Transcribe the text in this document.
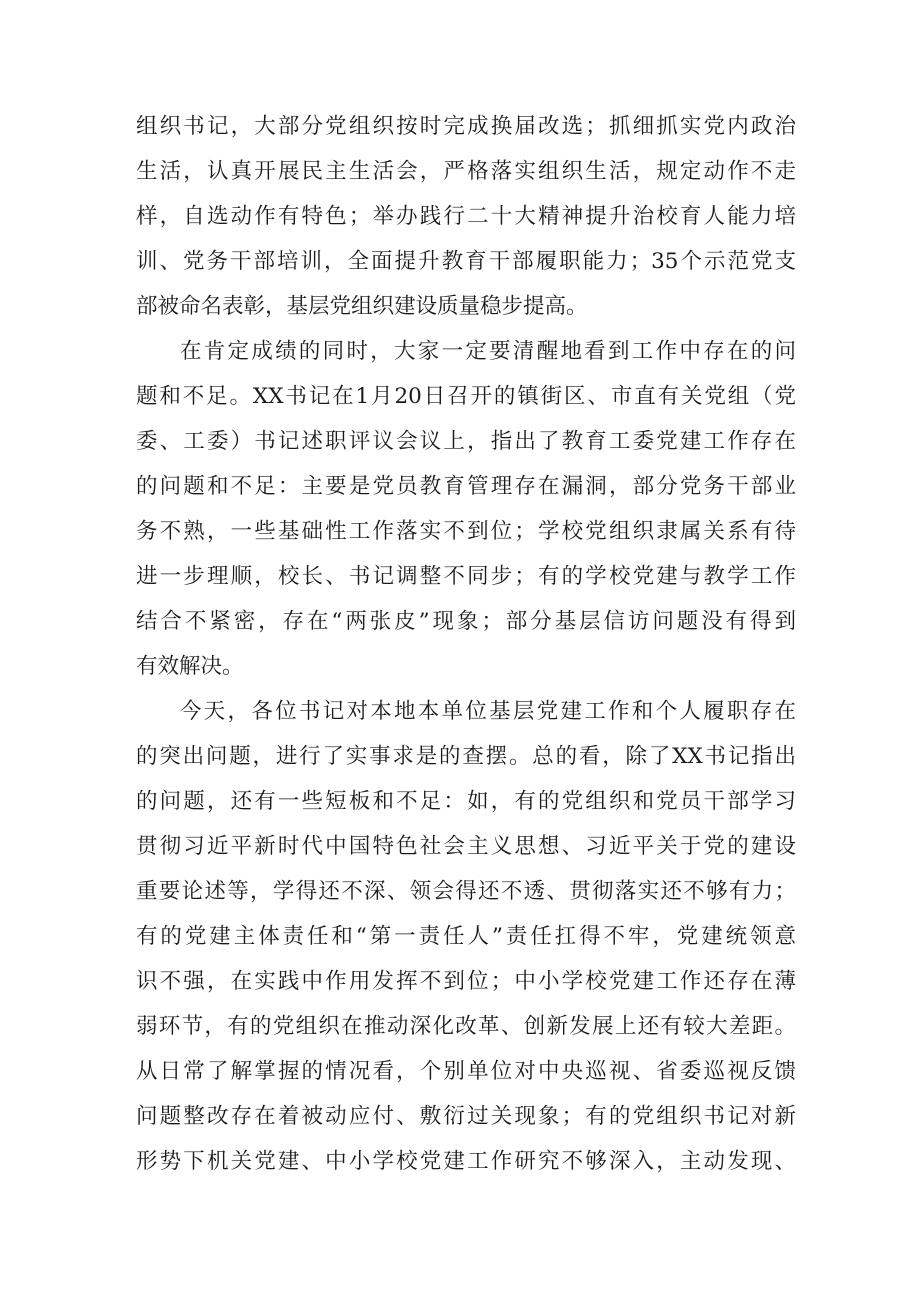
组织书记，大部分党组织按时完成换届改选；抓细抓实党内政治
生活，认真开展民主生活会，严格落实组织生活，规定动作不走
样，自选动作有特色；举办践行二十大精神提升治校育人能力培
训、党务干部培训，全面提升教育干部履职能力；35个示范党支
部被命名表彰，基层党组织建设质量稳步提高。
在肯定成绩的同时，大家一定要清醒地看到工作中存在的问
题和不足。XX书记在1月20日召开的镇街区、市直有关党组（党
委、工委）书记述职评议会议上，指出了教育工委党建工作存在
的问题和不足：主要是党员教育管理存在漏洞，部分党务干部业
务不熟，一些基础性工作落实不到位；学校党组织隶属关系有待
进一步理顺，校长、书记调整不同步；有的学校党建与教学工作
结合不紧密，存在“两张皮”现象；部分基层信访问题没有得到
有效解决。
今天，各位书记对本地本单位基层党建工作和个人履职存在
的突出问题，进行了实事求是的查摆。总的看，除了XX书记指出
的问题，还有一些短板和不足：如，有的党组织和党员干部学习
贯彻习近平新时代中国特色社会主义思想、习近平关于党的建设
重要论述等，学得还不深、领会得还不透、贯彻落实还不够有力；
有的党建主体责任和“第一责任人”责任扛得不牢，党建统领意
识不强，在实践中作用发挥不到位；中小学校党建工作还存在薄
弱环节，有的党组织在推动深化改革、创新发展上还有较大差距。
从日常了解掌握的情况看，个别单位对中央巡视、省委巡视反馈
问题整改存在着被动应付、敷衍过关现象；有的党组织书记对新
形势下机关党建、中小学校党建工作研究不够深入，主动发现、
